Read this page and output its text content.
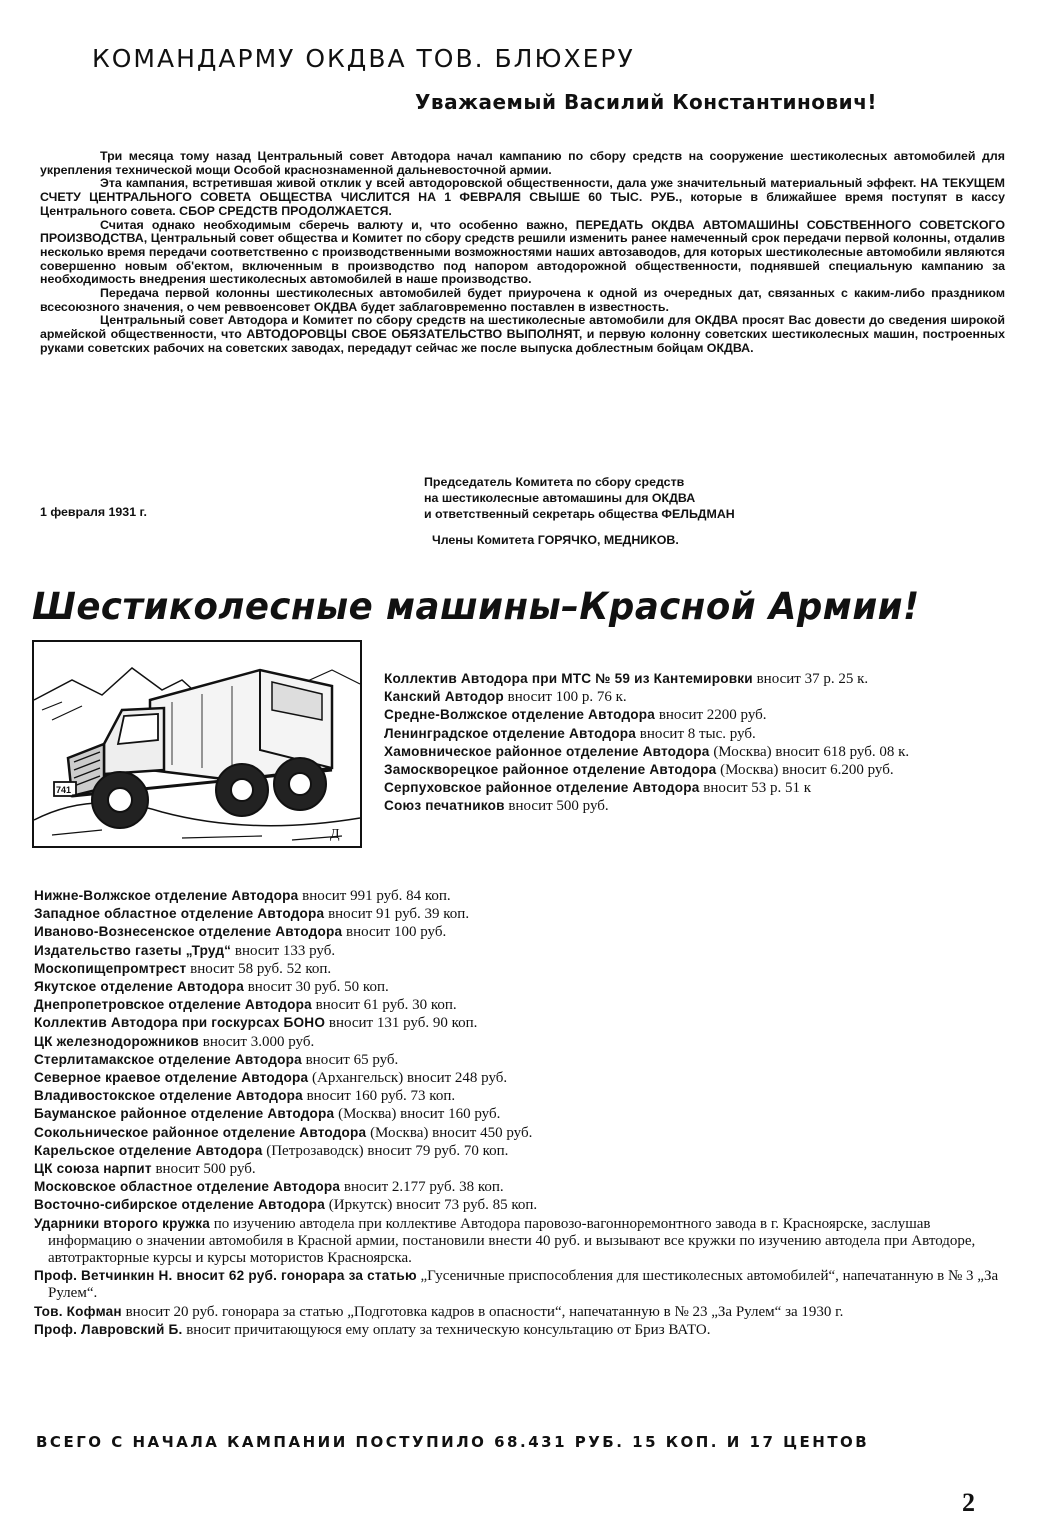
КОМАНДАРМУ ОКДВА ТОВ. БЛЮХЕРУ
Уважаемый Василий Константинович!

Три месяца тому назад Центральный совет Автодора начал кампанию по сбору средств на сооружение шестиколесных автомобилей для укрепления технической мощи Особой краснознаменной дальневосточной армии.

Эта кампания, встретившая живой отклик у всей автодоровской общественности, дала уже значительный материальный эффект. НА ТЕКУЩЕМ СЧЕТУ ЦЕНТРАЛЬНОГО СОВЕТА ОБЩЕСТВА ЧИСЛИТСЯ НА 1 ФЕВРАЛЯ СВЫШЕ 60 ТЫС. РУБ., которые в ближайшее время поступят в кассу Центрального совета. СБОР СРЕДСТВ ПРОДОЛЖАЕТСЯ.

Считая однако необходимым сберечь валюту и, что особенно важно, ПЕРЕДАТЬ ОКДВА АВТОМАШИНЫ СОБСТВЕННОГО СОВЕТСКОГО ПРОИЗВОДСТВА, Центральный совет общества и Комитет по сбору средств решили изменить ранее намеченный срок передачи первой колонны, отдалив несколько время передачи соответственно с производственными возможностями наших автозаводов, для которых шестиколесные автомобили являются совершенно новым об'ектом, включенным в производство под напором автодорожной общественности, поднявшей специальную кампанию за необходимость внедрения шестиколесных автомобилей в наше производство.

Передача первой колонны шестиколесных автомобилей будет приурочена к одной из очередных дат, связанных с каким-либо праздником всесоюзного значения, о чем реввоенсовет ОКДВА будет заблаговременно поставлен в известность.

Центральный совет Автодора и Комитет по сбору средств на шестиколесные автомобили для ОКДВА просят Вас довести до сведения широкой армейской общественности, что АВТОДОРОВЦЫ СВОЕ ОБЯЗАТЕЛЬСТВО ВЫПОЛНЯТ, и первую колонну советских шестиколесных машин, построенных руками советских рабочих на советских заводах, передадут сейчас же после выпуска доблестным бойцам ОКДВА.

Председатель Комитета по сбору средств
на шестиколесные автомашины для ОКДВА
и ответственный секретарь общества ФЕЛЬДМАН
1 февраля 1931 г.
Члены Комитета ГОРЯЧКО, МЕДНИКОВ.
Шестиколесные машины–Красной Армии!
741
Д
Коллектив Автодора при МТС № 59 из Кантемировки вносит 37 р. 25 к.
Канский Автодор вносит 100 р. 76 к.
Средне-Волжское отделение Автодора вносит 2200 руб.
Ленинградское отделение Автодора вносит 8 тыс. руб.
Хамовническое районное отделение Автодора (Москва) вносит 618 руб. 08 к.
Замоскворецкое районное отделение Автодора (Москва) вносит 6.200 руб.
Серпуховское районное отделение Автодора вносит 53 р. 51 к
Союз печатников вносит 500 руб.
Нижне-Волжское отделение Автодора вносит 991 руб. 84 коп.
Западное областное отделение Автодора вносит 91 руб. 39 коп.
Иваново-Вознесенское отделение Автодора вносит 100 руб.
Издательство газеты „Труд“ вносит 133 руб.
Москопищепромтрест вносит 58 руб. 52 коп.
Якутское отделение Автодора вносит 30 руб. 50 коп.
Днепропетровское отделение Автодора вносит 61 руб. 30 коп.
Коллектив Автодора при госкурсах БОНО вносит 131 руб. 90 коп.
ЦК железнодорожников вносит 3.000 руб.
Стерлитамакское отделение Автодора вносит 65 руб.
Северное краевое отделение Автодора (Архангельск) вносит 248 руб.
Владивостокское отделение Автодора вносит 160 руб. 73 коп.
Бауманское районное отделение Автодора (Москва) вносит 160 руб.
Сокольническое районное отделение Автодора (Москва) вносит 450 руб.
Карельское отделение Автодора (Петрозаводск) вносит 79 руб. 70 коп.
ЦК союза нарпит вносит 500 руб.
Московское областное отделение Автодора вносит 2.177 руб. 38 коп.
Восточно-сибирское отделение Автодора (Иркутск) вносит 73 руб. 85 коп.
Ударники второго кружка по изучению автодела при коллективе Автодора паровозо-вагонноремонтного завода в г. Красноярске, заслушав информацию о значении автомобиля в Красной армии, постановили внести 40 руб. и вызывают все кружки по изучению автодела при Автодоре, автотракторные курсы и курсы мотористов Красноярска.
Проф. Ветчинкин Н. вносит 62 руб. гонорара за статью „Гусеничные приспособления для шестиколесных автомобилей“, напечатанную в № 3 „За Рулем“.
Тов. Кофман вносит 20 руб. гонорара за статью „Подготовка кадров в опасности“, напечатанную в № 23 „За Рулем“ за 1930 г.
Проф. Лавровский Б. вносит причитающуюся ему оплату за техническую консультацию от Бриз ВАТО.
ВСЕГО С НАЧАЛА КАМПАНИИ ПОСТУПИЛО 68.431 РУБ. 15 КОП. И 17 ЦЕНТОВ
2
